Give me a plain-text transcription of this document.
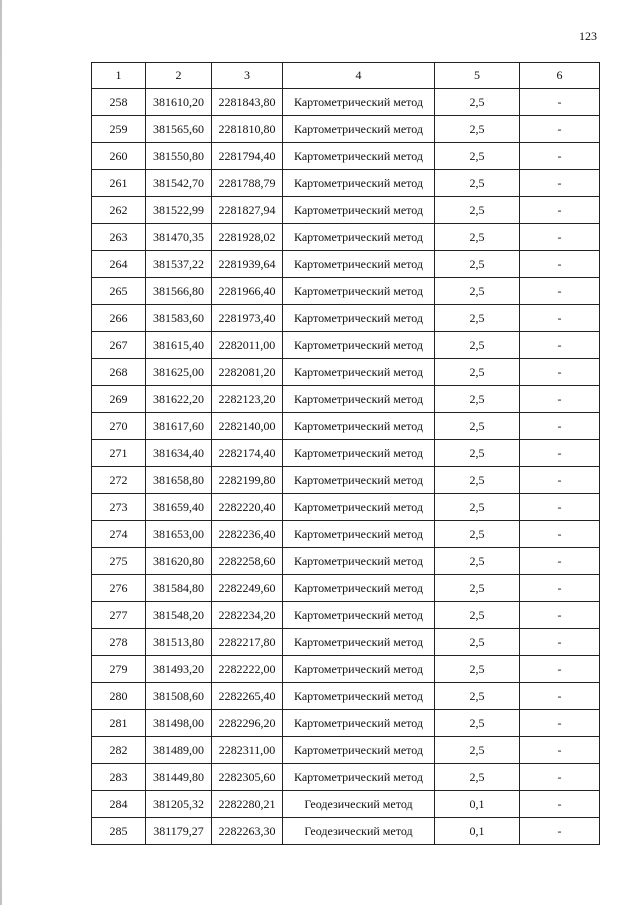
123
1	2	3	4	5	6
258	381610,20	2281843,80	Картометрический метод	2,5	-
259	381565,60	2281810,80	Картометрический метод	2,5	-
260	381550,80	2281794,40	Картометрический метод	2,5	-
261	381542,70	2281788,79	Картометрический метод	2,5	-
262	381522,99	2281827,94	Картометрический метод	2,5	-
263	381470,35	2281928,02	Картометрический метод	2,5	-
264	381537,22	2281939,64	Картометрический метод	2,5	-
265	381566,80	2281966,40	Картометрический метод	2,5	-
266	381583,60	2281973,40	Картометрический метод	2,5	-
267	381615,40	2282011,00	Картометрический метод	2,5	-
268	381625,00	2282081,20	Картометрический метод	2,5	-
269	381622,20	2282123,20	Картометрический метод	2,5	-
270	381617,60	2282140,00	Картометрический метод	2,5	-
271	381634,40	2282174,40	Картометрический метод	2,5	-
272	381658,80	2282199,80	Картометрический метод	2,5	-
273	381659,40	2282220,40	Картометрический метод	2,5	-
274	381653,00	2282236,40	Картометрический метод	2,5	-
275	381620,80	2282258,60	Картометрический метод	2,5	-
276	381584,80	2282249,60	Картометрический метод	2,5	-
277	381548,20	2282234,20	Картометрический метод	2,5	-
278	381513,80	2282217,80	Картометрический метод	2,5	-
279	381493,20	2282222,00	Картометрический метод	2,5	-
280	381508,60	2282265,40	Картометрический метод	2,5	-
281	381498,00	2282296,20	Картометрический метод	2,5	-
282	381489,00	2282311,00	Картометрический метод	2,5	-
283	381449,80	2282305,60	Картометрический метод	2,5	-
284	381205,32	2282280,21	Геодезический метод	0,1	-
285	381179,27	2282263,30	Геодезический метод	0,1	-
